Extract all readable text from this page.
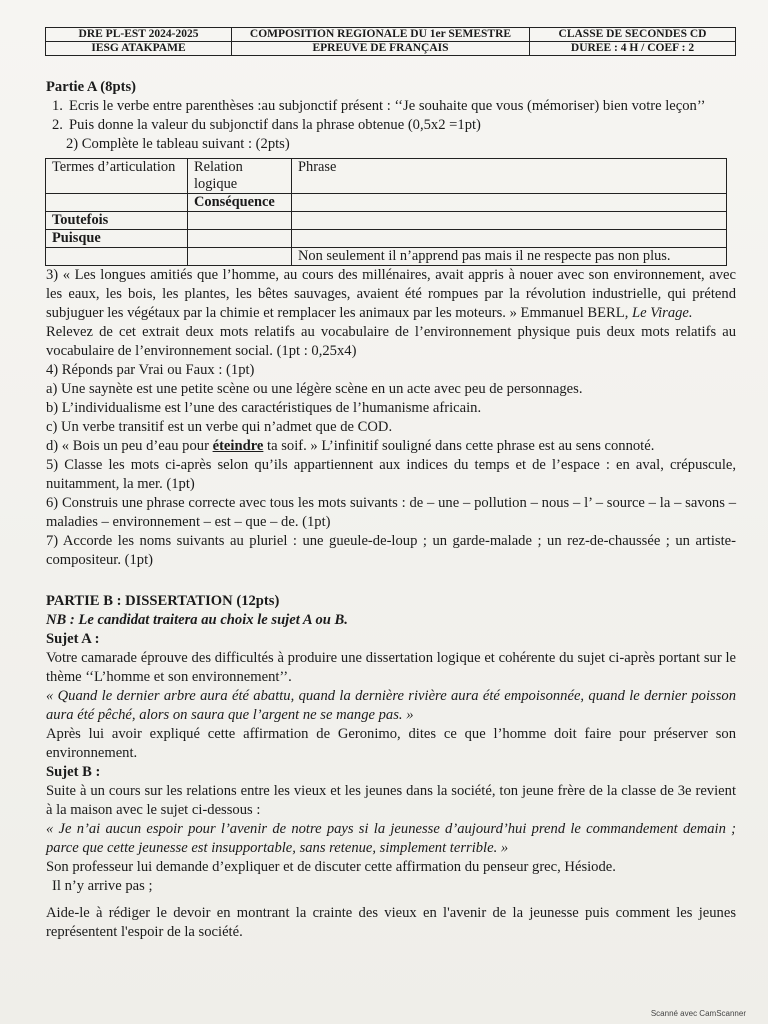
DRE PL-EST 2024-2025	COMPOSITION REGIONALE DU 1er SEMESTRE	CLASSE DE SECONDES CD
IESG ATAKPAME	EPREUVE DE FRANÇAIS	DUREE : 4 H / COEF : 2

Partie A (8pts)

1. Ecris le verbe entre parenthèses :au subjonctif présent : ‘‘Je souhaite que vous (mémoriser) bien votre leçon’’

2. Puis donne la valeur du subjonctif dans la phrase obtenue (0,5x2 =1pt)

2) Complète le tableau suivant : (2pts)

Termes d’articulation	Relation logique	Phrase
	Conséquence	
Toutefois		
Puisque		
		Non seulement il n’apprend pas mais il ne respecte pas non plus.

3) « Les longues amitiés que l’homme, au cours des millénaires, avait appris à nouer avec son environnement, avec les eaux, les bois, les plantes, les bêtes sauvages, avaient été rompues par la révolution industrielle, qui prétend subjuguer les végétaux par la chimie et remplacer les animaux par les moteurs. » Emmanuel BERL, Le Virage.

Relevez de cet extrait deux mots relatifs au vocabulaire de l’environnement physique puis deux mots relatifs au vocabulaire de l’environnement social. (1pt : 0,25x4)

4) Réponds par Vrai ou Faux : (1pt)

a) Une saynète est une petite scène ou une légère scène en un acte avec peu de personnages.

b) L’individualisme est l’une des caractéristiques de l’humanisme africain.

c) Un verbe transitif est un verbe qui n’admet que de COD.

d) « Bois un peu d’eau pour éteindre ta soif. » L’infinitif souligné dans cette phrase est au sens connoté.

5) Classe les mots ci-après selon qu’ils appartiennent aux indices du temps et de l’espace : en aval, crépuscule, nuitamment, la mer. (1pt)

6) Construis une phrase correcte avec tous les mots suivants : de – une – pollution – nous – l’ – source – la – savons – maladies – environnement – est – que – de. (1pt)

7) Accorde les noms suivants au pluriel : une gueule-de-loup ; un garde-malade ; un rez-de-chaussée ; un artiste-compositeur. (1pt)

PARTIE B : DISSERTATION (12pts)

NB : Le candidat traitera au choix le sujet A ou B.

Sujet A :

Votre camarade éprouve des difficultés à produire une dissertation logique et cohérente du sujet ci-après portant sur le thème ‘‘L’homme et son environnement’’.

« Quand le dernier arbre aura été abattu, quand la dernière rivière aura été empoisonnée, quand le dernier poisson aura été pêché, alors on saura que l’argent ne se mange pas. »

Après lui avoir expliqué cette affirmation de Geronimo, dites ce que l’homme doit faire pour préserver son environnement.

Sujet B :

Suite à un cours sur les relations entre les vieux et les jeunes dans la société, ton jeune frère de la classe de 3e revient à la maison avec le sujet ci-dessous :

« Je n’ai aucun espoir pour l’avenir de notre pays si la jeunesse d’aujourd’hui prend le commandement demain ; parce que cette jeunesse est insupportable, sans retenue, simplement terrible. »

Son professeur lui demande d’expliquer et de discuter cette affirmation du penseur grec, Hésiode.

Il n’y arrive pas ;

Aide-le à rédiger le devoir en montrant la crainte des vieux en l'avenir de la jeunesse puis comment les jeunes représentent l'espoir de la société.

Scanné avec CamScanner
